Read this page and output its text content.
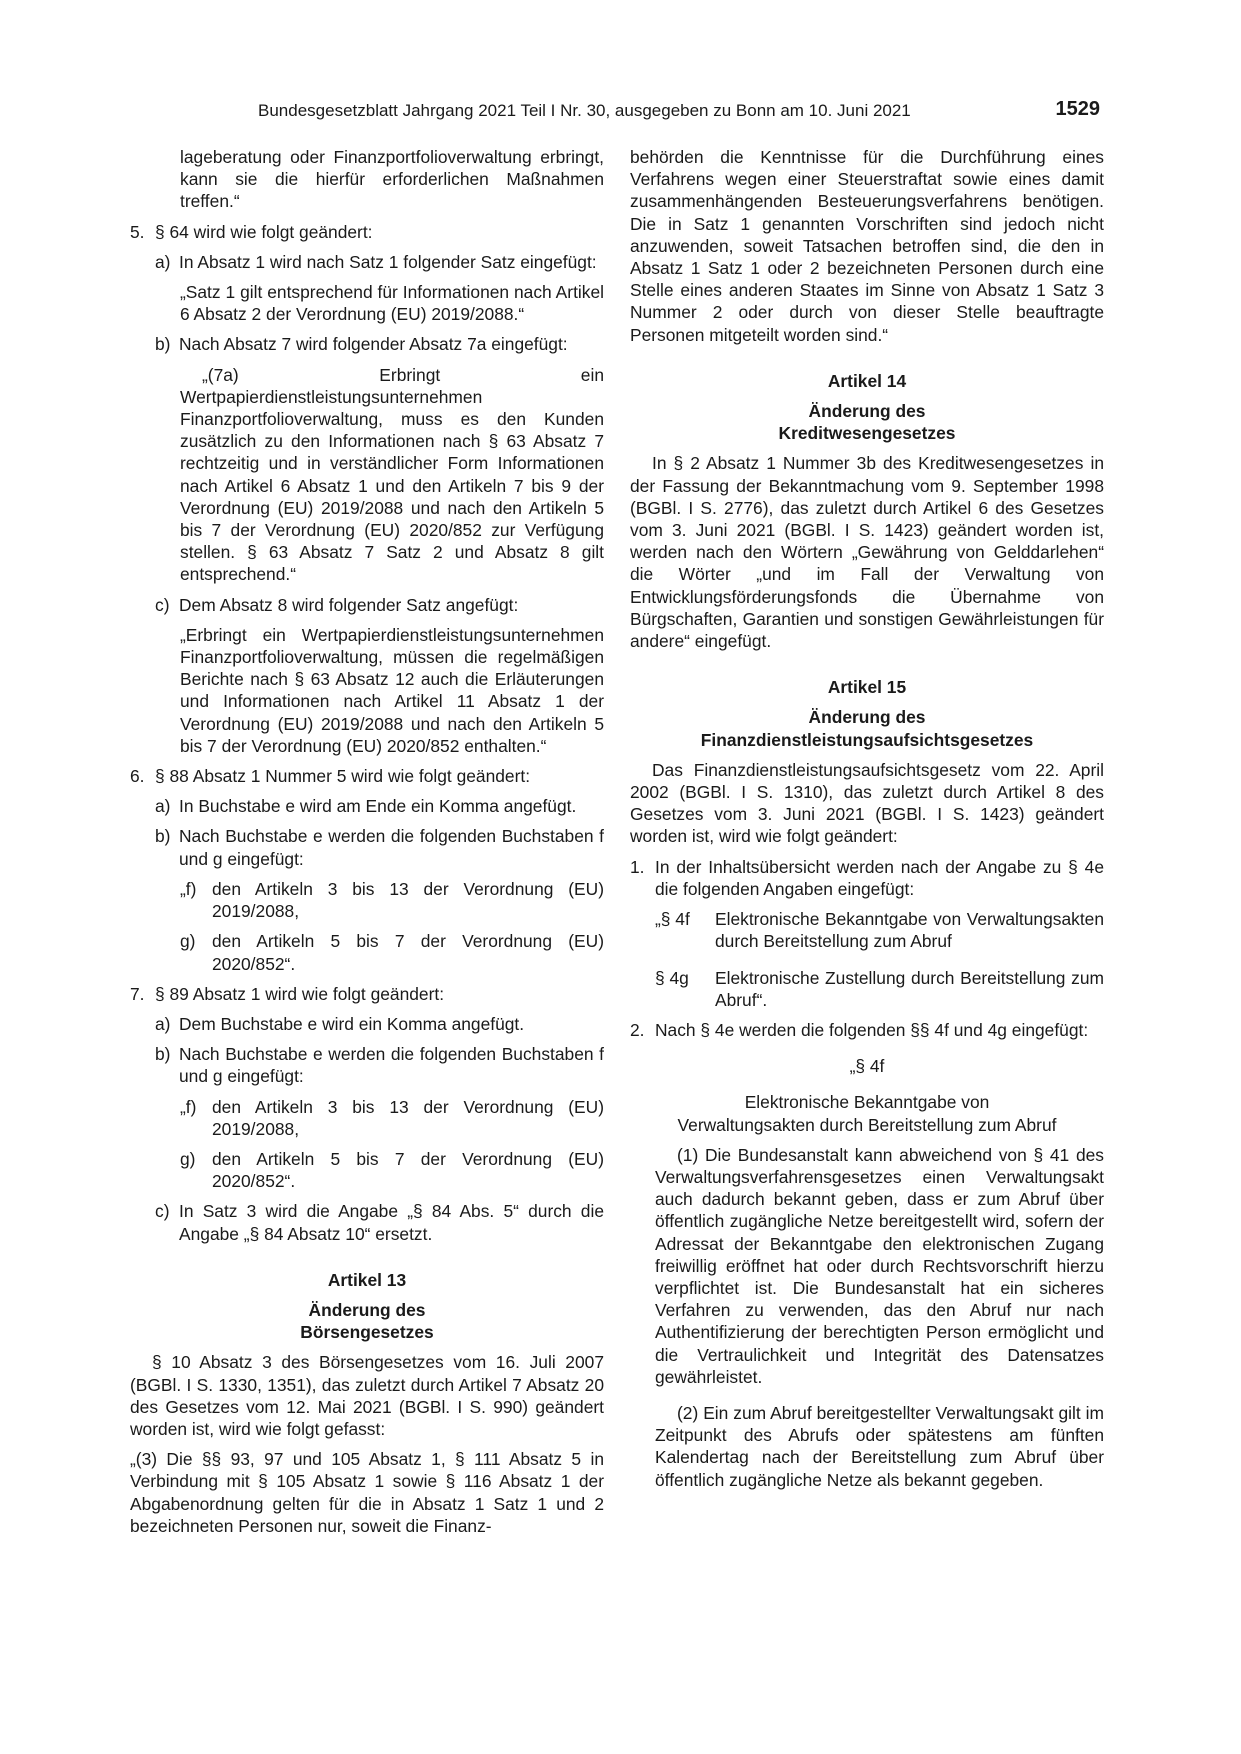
Bundesgesetzblatt Jahrgang 2021 Teil I Nr. 30, ausgegeben zu Bonn am 10. Juni 2021	1529

lageberatung oder Finanzportfolioverwaltung erbringt, kann sie die hierfür erforderlichen Maßnahmen treffen.“

5. § 64 wird wie folgt geändert:
a) In Absatz 1 wird nach Satz 1 folgender Satz eingefügt:

„Satz 1 gilt entsprechend für Informationen nach Artikel 6 Absatz 2 der Verordnung (EU) 2019/2088.“

b) Nach Absatz 7 wird folgender Absatz 7a eingefügt:

„(7a) Erbringt ein Wertpapierdienstleistungsunternehmen Finanzportfolioverwaltung, muss es den Kunden zusätzlich zu den Informationen nach § 63 Absatz 7 rechtzeitig und in verständlicher Form Informationen nach Artikel 6 Absatz 1 und den Artikeln 7 bis 9 der Verordnung (EU) 2019/2088 und nach den Artikeln 5 bis 7 der Verordnung (EU) 2020/852 zur Verfügung stellen. § 63 Absatz 7 Satz 2 und Absatz 8 gilt entsprechend.“

c) Dem Absatz 8 wird folgender Satz angefügt:

„Erbringt ein Wertpapierdienstleistungsunternehmen Finanzportfolioverwaltung, müssen die regelmäßigen Berichte nach § 63 Absatz 12 auch die Erläuterungen und Informationen nach Artikel 11 Absatz 1 der Verordnung (EU) 2019/2088 und nach den Artikeln 5 bis 7 der Verordnung (EU) 2020/852 enthalten.“

6. § 88 Absatz 1 Nummer 5 wird wie folgt geändert:
a) In Buchstabe e wird am Ende ein Komma angefügt.
b) Nach Buchstabe e werden die folgenden Buchstaben f und g eingefügt:
„f) den Artikeln 3 bis 13 der Verordnung (EU) 2019/2088,
g) den Artikeln 5 bis 7 der Verordnung (EU) 2020/852“.
7. § 89 Absatz 1 wird wie folgt geändert:
a) Dem Buchstabe e wird ein Komma angefügt.
b) Nach Buchstabe e werden die folgenden Buchstaben f und g eingefügt:
„f) den Artikeln 3 bis 13 der Verordnung (EU) 2019/2088,
g) den Artikeln 5 bis 7 der Verordnung (EU) 2020/852“.
c) In Satz 3 wird die Angabe „§ 84 Abs. 5“ durch die Angabe „§ 84 Absatz 10“ ersetzt.

Artikel 13

Änderung des

Börsengesetzes

§ 10 Absatz 3 des Börsengesetzes vom 16. Juli 2007 (BGBl. I S. 1330, 1351), das zuletzt durch Artikel 7 Absatz 20 des Gesetzes vom 12. Mai 2021 (BGBl. I S. 990) geändert worden ist, wird wie folgt gefasst:

„(3) Die §§ 93, 97 und 105 Absatz 1, § 111 Absatz 5 in Verbindung mit § 105 Absatz 1 sowie § 116 Absatz 1 der Abgabenordnung gelten für die in Absatz 1 Satz 1 und 2 bezeichneten Personen nur, soweit die Finanz-

behörden die Kenntnisse für die Durchführung eines Verfahrens wegen einer Steuerstraftat sowie eines damit zusammenhängenden Besteuerungsverfahrens benötigen. Die in Satz 1 genannten Vorschriften sind jedoch nicht anzuwenden, soweit Tatsachen betroffen sind, die den in Absatz 1 Satz 1 oder 2 bezeichneten Personen durch eine Stelle eines anderen Staates im Sinne von Absatz 1 Satz 3 Nummer 2 oder durch von dieser Stelle beauftragte Personen mitgeteilt worden sind.“

Artikel 14

Änderung des

Kreditwesengesetzes

In § 2 Absatz 1 Nummer 3b des Kreditwesengesetzes in der Fassung der Bekanntmachung vom 9. September 1998 (BGBl. I S. 2776), das zuletzt durch Artikel 6 des Gesetzes vom 3. Juni 2021 (BGBl. I S. 1423) geändert worden ist, werden nach den Wörtern „Gewährung von Gelddarlehen“ die Wörter „und im Fall der Verwaltung von Entwicklungsförderungsfonds die Übernahme von Bürgschaften, Garantien und sonstigen Gewährleistungen für andere“ eingefügt.

Artikel 15

Änderung des

Finanzdienstleistungsaufsichtsgesetzes

Das Finanzdienstleistungsaufsichtsgesetz vom 22. April 2002 (BGBl. I S. 1310), das zuletzt durch Artikel 8 des Gesetzes vom 3. Juni 2021 (BGBl. I S. 1423) geändert worden ist, wird wie folgt geändert:

1. In der Inhaltsübersicht werden nach der Angabe zu § 4e die folgenden Angaben eingefügt:
„§ 4f	Elektronische Bekanntgabe von Verwaltungsakten durch Bereitstellung zum Abruf
§ 4g	Elektronische Zustellung durch Bereitstellung zum Abruf“.
2. Nach § 4e werden die folgenden §§ 4f und 4g eingefügt:

„§ 4f

Elektronische Bekanntgabe von

Verwaltungsakten durch Bereitstellung zum Abruf

(1) Die Bundesanstalt kann abweichend von § 41 des Verwaltungsverfahrensgesetzes einen Verwaltungsakt auch dadurch bekannt geben, dass er zum Abruf über öffentlich zugängliche Netze bereitgestellt wird, sofern der Adressat der Bekanntgabe den elektronischen Zugang freiwillig eröffnet hat oder durch Rechtsvorschrift hierzu verpflichtet ist. Die Bundesanstalt hat ein sicheres Verfahren zu verwenden, das den Abruf nur nach Authentifizierung der berechtigten Person ermöglicht und die Vertraulichkeit und Integrität des Datensatzes gewährleistet.

(2) Ein zum Abruf bereitgestellter Verwaltungsakt gilt im Zeitpunkt des Abrufs oder spätestens am fünften Kalendertag nach der Bereitstellung zum Abruf über öffentlich zugängliche Netze als bekannt gegeben.
